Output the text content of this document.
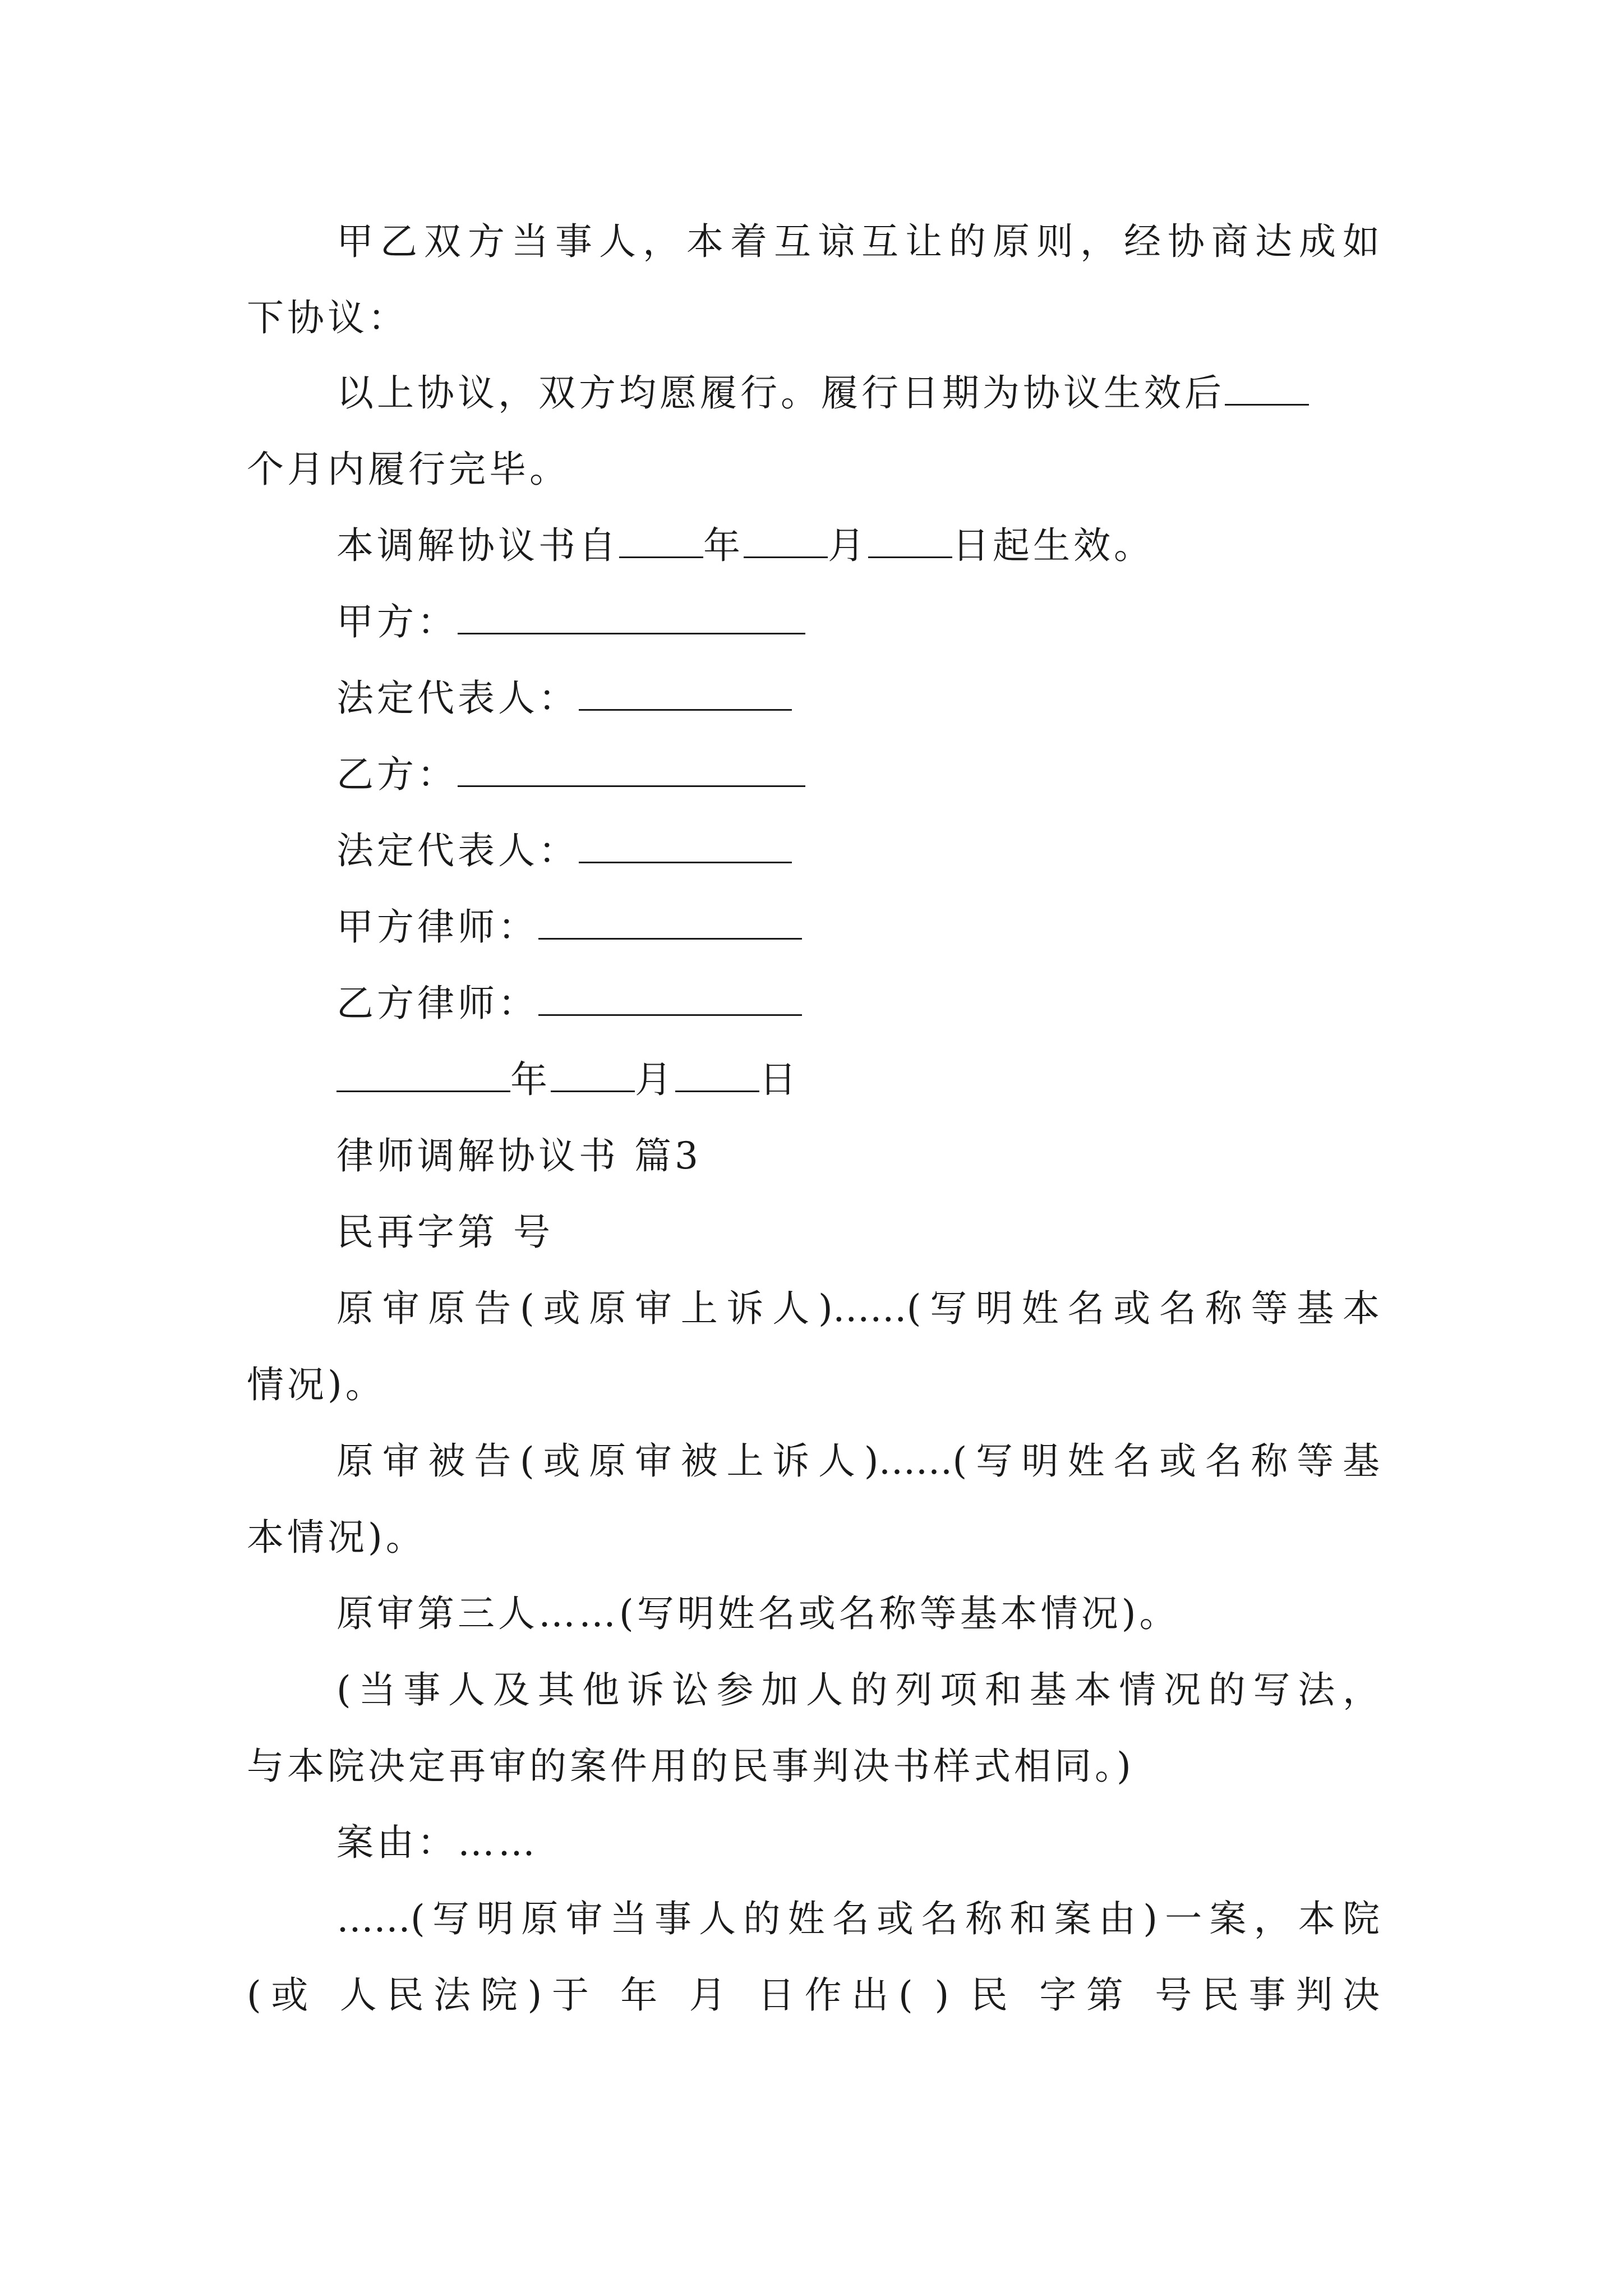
甲乙双方当事人，本着互谅互让的原则，经协商达成如
下协议：
以上协议，双方均愿履行。履行日期为协议生效后
个月内履行完毕。
本调解协议书自 年 月 日起生效。
甲方：
法定代表人：
乙方：
法定代表人：
甲方律师：
乙方律师：
年 月 日
律师调解协议书 篇3
民再字第 号
原审原告(或原审上诉人)……(写明姓名或名称等基本
情况)。
原审被告(或原审被上诉人)……(写明姓名或名称等基
本情况)。
原审第三人……(写明姓名或名称等基本情况)。
(当事人及其他诉讼参加人的列项和基本情况的写法，
与本院决定再审的案件用的民事判决书样式相同。)
案由：……
……(写明原审当事人的姓名或名称和案由)一案，本院
(或 人民法院)于 年 月 日作出( ) 民 字第 号民事判决
